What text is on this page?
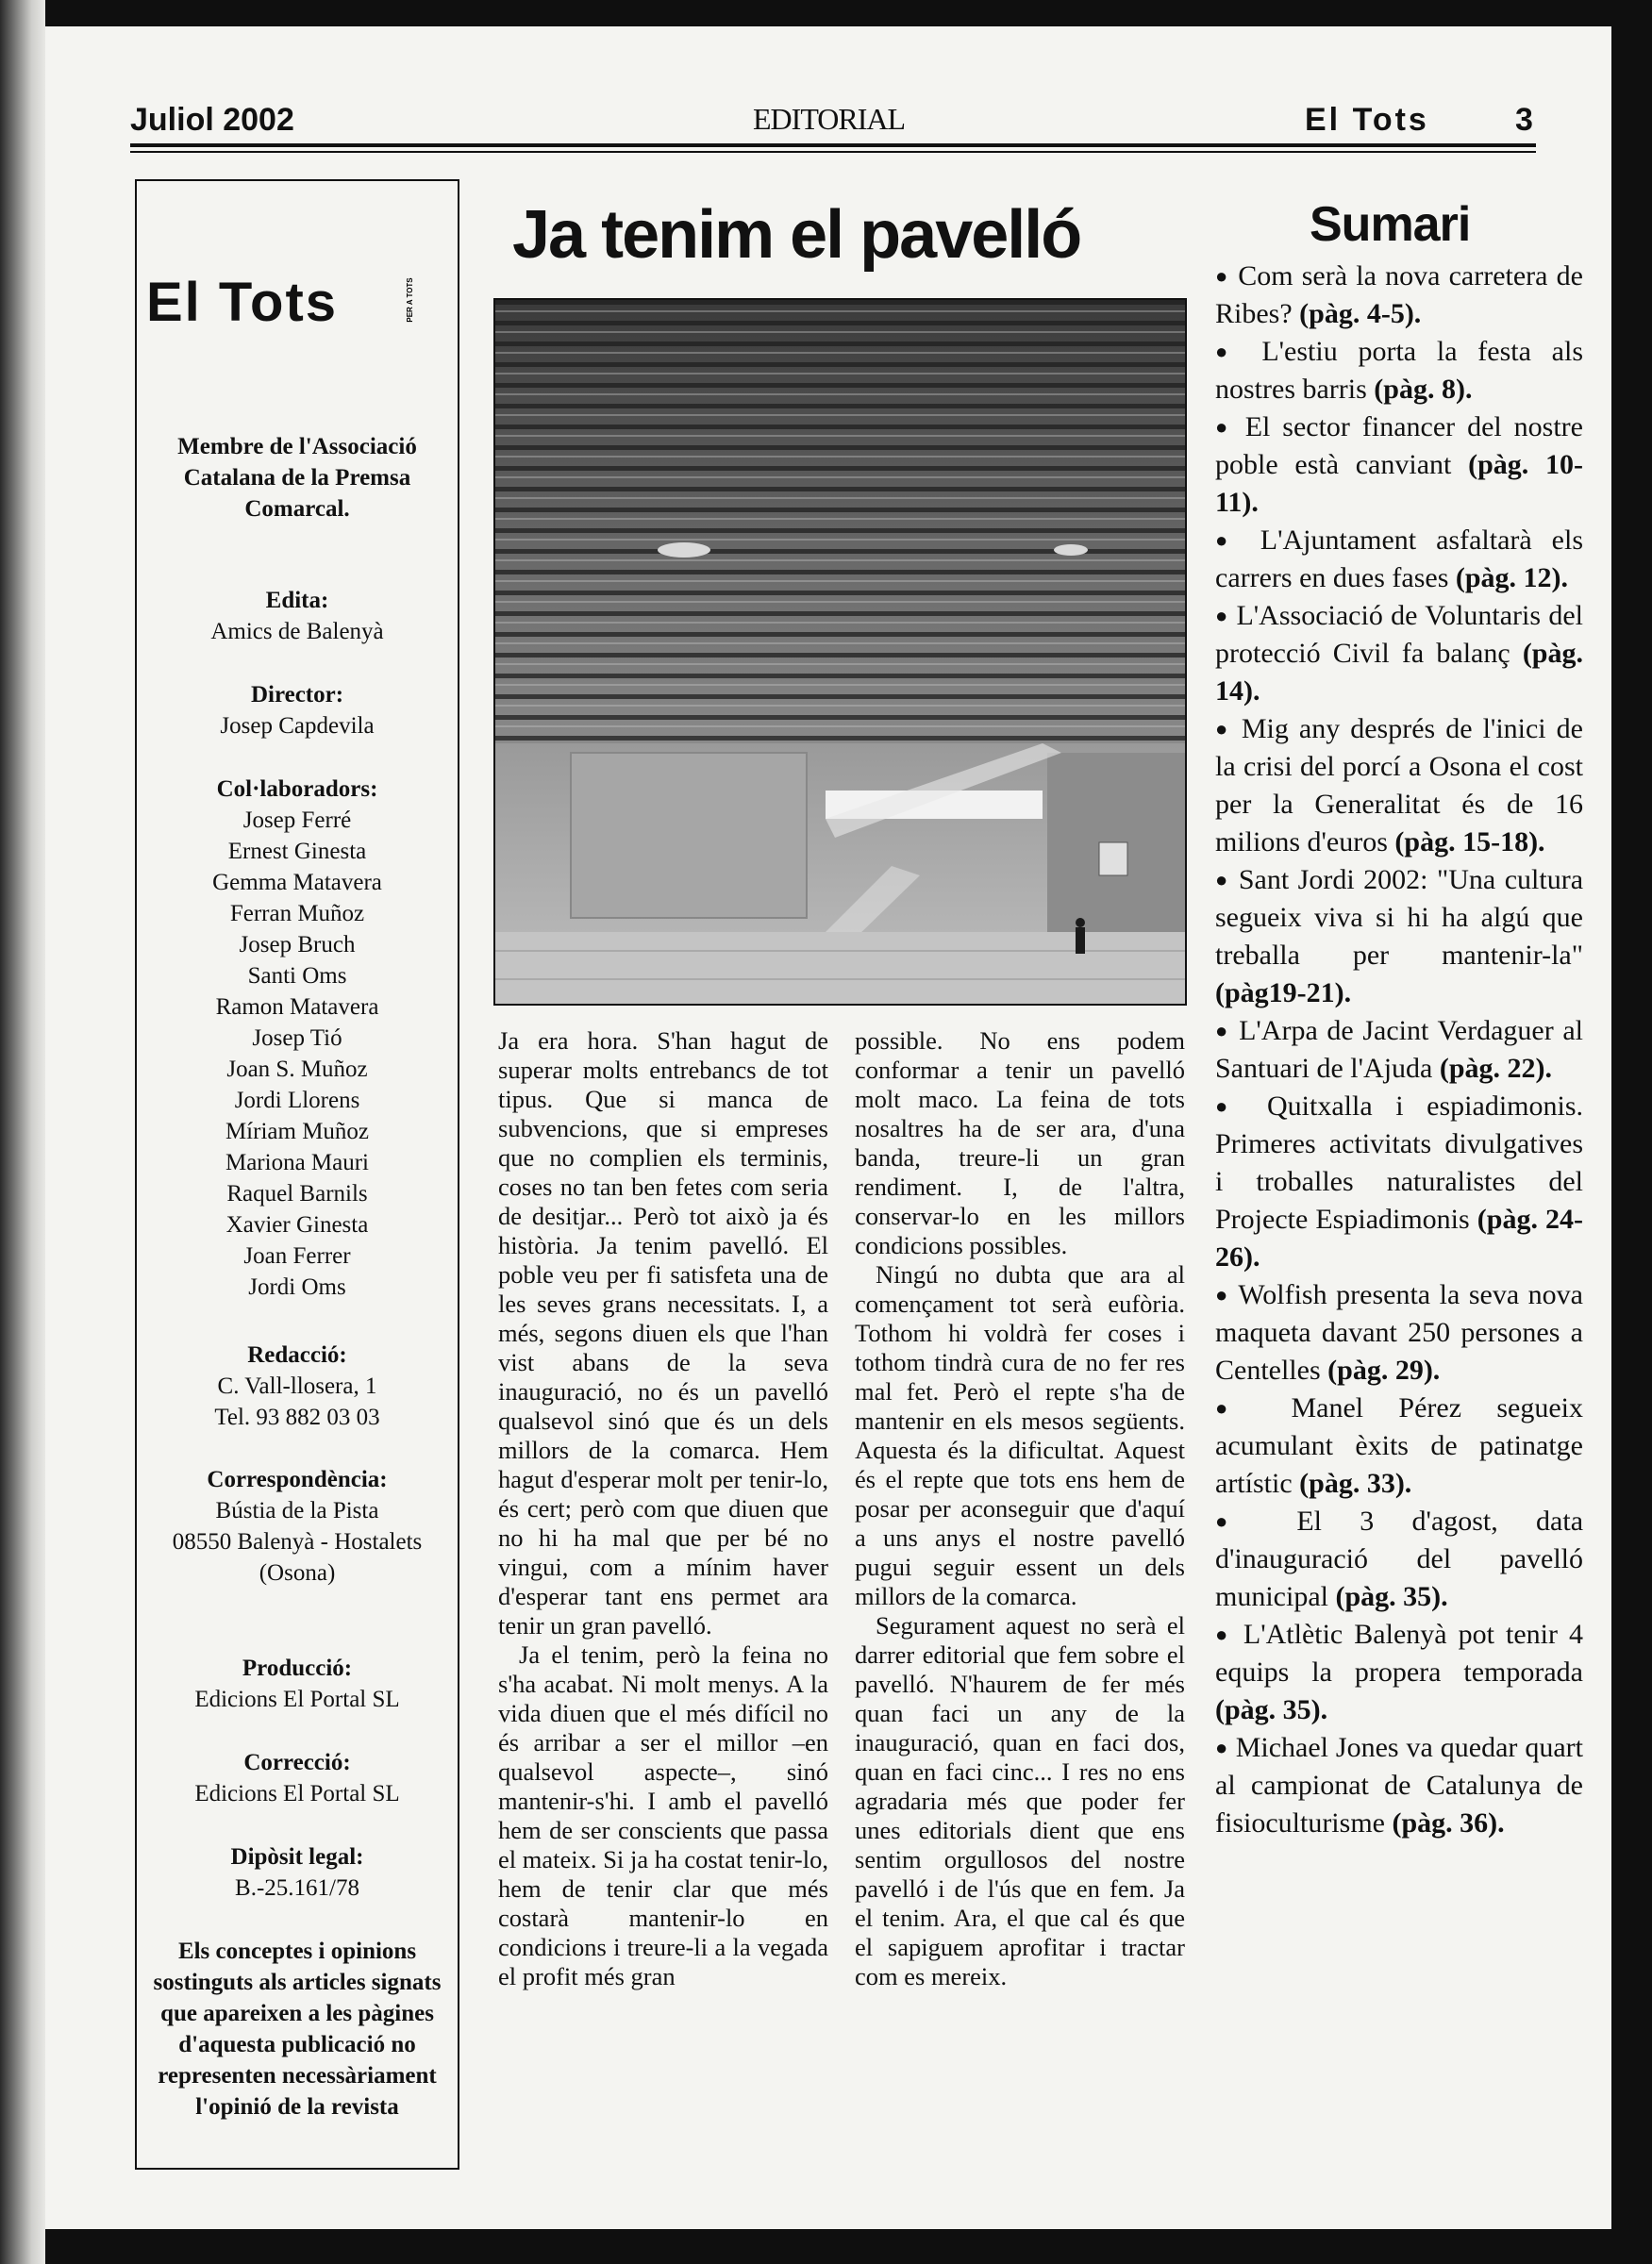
Juliol 2002	EDITORIAL	El Tots	3
El Tots	PER A TOTS
Membre de l'Associació Catalana de la Premsa Comarcal.
Edita:
Amics de Balenyà
Director:
Josep Capdevila
Col·laboradors:
Josep Ferré
Ernest Ginesta
Gemma Matavera
Ferran Muñoz
Josep Bruch
Santi Oms
Ramon Matavera
Josep Tió
Joan S. Muñoz
Jordi Llorens
Míriam Muñoz
Mariona Mauri
Raquel Barnils
Xavier Ginesta
Joan Ferrer
Jordi Oms
Redacció:
C. Vall-llosera, 1
Tel. 93 882 03 03
Correspondència:
Bústia de la Pista
08550 Balenyà - Hostalets
(Osona)
Producció:
Edicions El Portal SL
Correcció:
Edicions El Portal SL
Dipòsit legal:
B.-25.161/78
Els conceptes i opinions sostinguts als articles signats que apareixen a les pàgines d'aquesta publicació no representen necessàriament l'opinió de la revista
Ja tenim el pavelló

Ja era hora. S'han hagut de superar molts entrebancs de tot tipus. Que si manca de subvencions, que si empreses que no complien els terminis, coses no tan ben fetes com seria de desitjar... Però tot això ja és història. Ja tenim pavelló. El poble veu per fi satisfeta una de les seves grans necessitats. I, a més, segons diuen els que l'han vist abans de la seva inauguració, no és un pavelló qualsevol sinó que és un dels millors de la comarca. Hem hagut d'esperar molt per tenir-lo, és cert; però com que diuen que no hi ha mal que per bé no vingui, com a mínim haver d'esperar tant ens permet ara tenir un gran pavelló.

Ja el tenim, però la feina no s'ha acabat. Ni molt menys. A la vida diuen que el més difícil no és arribar a ser el millor –en qualsevol aspecte–, sinó mantenir-s'hi. I amb el pavelló hem de ser conscients que passa el mateix. Si ja ha costat tenir-lo, hem de tenir clar que més costarà mantenir-lo en condicions i treure-li a la vegada el profit més gran

possible. No ens podem conformar a tenir un pavelló molt maco. La feina de tots nosaltres ha de ser ara, d'una banda, treure-li un gran rendiment. I, de l'altra, conservar-lo en les millors condicions possibles.

Ningú no dubta que ara al començament tot serà eufòria. Tothom hi voldrà fer coses i tothom tindrà cura de no fer res mal fet. Però el repte s'ha de mantenir en els mesos següents. Aquesta és la dificultat. Aquest és el repte que tots ens hem de posar per aconseguir que d'aquí a uns anys el nostre pavelló pugui seguir essent un dels millors de la comarca.

Segurament aquest no serà el darrer editorial que fem sobre el pavelló. N'haurem de fer més quan faci un any de la inauguració, quan en faci dos, quan en faci cinc... I res no ens agradaria més que poder fer unes editorials dient que ens sentim orgullosos del nostre pavelló i de l'ús que en fem. Ja el tenim. Ara, el que cal és que el sapiguem aprofitar i tractar com es mereix.

Sumari

● Com serà la nova carretera de Ribes? (pàg. 4-5).

● L'estiu porta la festa als nostres barris (pàg. 8).

● El sector financer del nostre poble està canviant (pàg. 10-11).

● L'Ajuntament asfaltarà els carrers en dues fases (pàg. 12).

● L'Associació de Voluntaris del protecció Civil fa balanç (pàg. 14).

● Mig any després de l'inici de la crisi del porcí a Osona el cost per la Generalitat és de 16 milions d'euros (pàg. 15-18).

● Sant Jordi 2002: "Una cultura segueix viva si hi ha algú que treballa per mantenir-la" (pàg19-21).

● L'Arpa de Jacint Verdaguer al Santuari de l'Ajuda (pàg. 22).

● Quitxalla i espiadimonis. Primeres activitats divulgatives i troballes naturalistes del Projecte Espiadimonis (pàg. 24-26).

● Wolfish presenta la seva nova maqueta davant 250 persones a Centelles (pàg. 29).

● Manel Pérez segueix acumulant èxits de patinatge artístic (pàg. 33).

● El 3 d'agost, data d'inauguració del pavelló municipal (pàg. 35).

● L'Atlètic Balenyà pot tenir 4 equips la propera temporada (pàg. 35).

● Michael Jones va quedar quart al campionat de Catalunya de fisioculturisme (pàg. 36).
